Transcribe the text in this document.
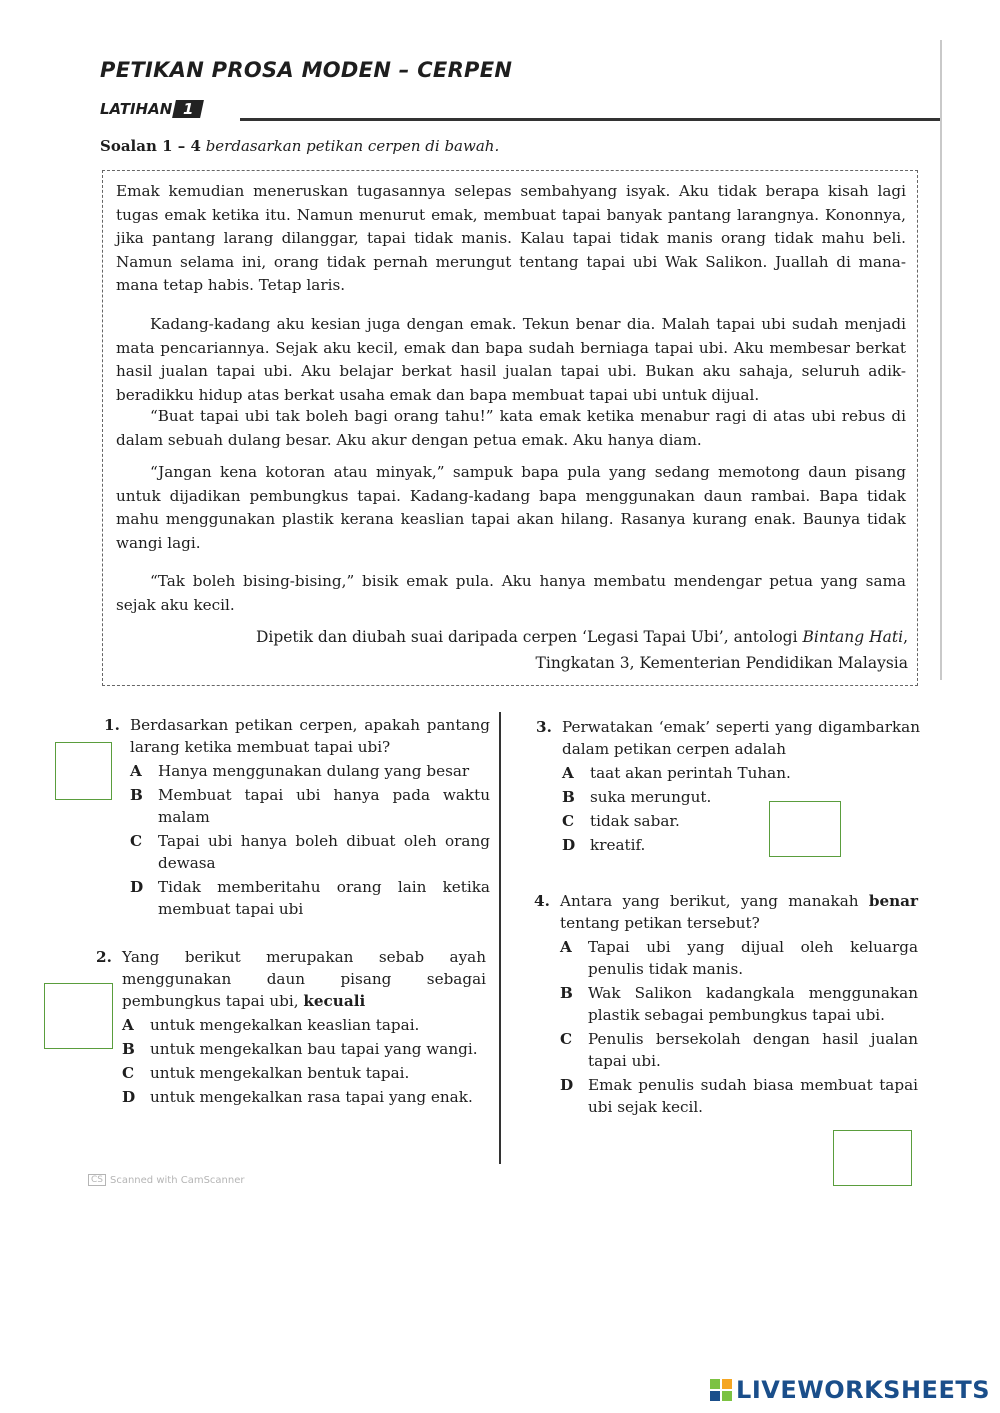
PETIKAN PROSA MODEN – CERPEN
LATIHAN 1
Soalan 1 – 4 berdasarkan petikan cerpen di bawah.

Emak kemudian meneruskan tugasannya selepas sembahyang isyak. Aku tidak berapa kisah lagi tugas emak ketika itu. Namun menurut emak, membuat tapai banyak pantang larangnya. Kononnya, jika pantang larang dilanggar, tapai tidak manis. Kalau tapai tidak manis orang tidak mahu beli. Namun selama ini, orang tidak pernah merungut tentang tapai ubi Wak Salikon. Juallah di mana-mana tetap habis. Tetap laris.

Kadang-kadang aku kesian juga dengan emak. Tekun benar dia. Malah tapai ubi sudah menjadi mata pencariannya. Sejak aku kecil, emak dan bapa sudah berniaga tapai ubi. Aku membesar berkat hasil jualan tapai ubi. Aku belajar berkat hasil jualan tapai ubi. Bukan aku sahaja, seluruh adik-beradikku hidup atas berkat usaha emak dan bapa membuat tapai ubi untuk dijual.

“Buat tapai ubi tak boleh bagi orang tahu!” kata emak ketika menabur ragi di atas ubi rebus di dalam sebuah dulang besar. Aku akur dengan petua emak. Aku hanya diam.

“Jangan kena kotoran atau minyak,” sampuk bapa pula yang sedang memotong daun pisang untuk dijadikan pembungkus tapai. Kadang-kadang bapa menggunakan daun rambai. Bapa tidak mahu menggunakan plastik kerana keaslian tapai akan hilang. Rasanya kurang enak. Baunya tidak wangi lagi.

“Tak boleh bising-bising,” bisik emak pula. Aku hanya membatu mendengar petua yang sama sejak aku kecil.

Dipetik dan diubah suai daripada cerpen ‘Legasi Tapai Ubi’, antologi Bintang Hati,
Tingkatan 3, Kementerian Pendidikan Malaysia
1. Berdasarkan petikan cerpen, apakah pantang larang ketika membuat tapai ubi?
A	Hanya menggunakan dulang yang besar
B Membuat tapai ubi hanya pada waktu malam
C	Tapai ubi hanya boleh dibuat oleh orang dewasa
D Tidak memberitahu orang lain ketika membuat tapai ubi
2. Yang berikut merupakan sebab ayah menggunakan daun pisang sebagai pembungkus tapai ubi, kecuali
A	untuk mengekalkan keaslian tapai.
B untuk mengekalkan bau tapai yang wangi.
C	untuk mengekalkan bentuk tapai.
D untuk mengekalkan rasa tapai yang enak.
3. Perwatakan ‘emak’ seperti yang digambarkan dalam petikan cerpen adalah
A	taat akan perintah Tuhan.
B suka merungut.
C	tidak sabar.
D kreatif.
4. Antara yang berikut, yang manakah benar tentang petikan tersebut?
A	Tapai ubi yang dijual oleh keluarga penulis tidak manis.
B Wak Salikon kadangkala menggunakan plastik sebagai pembungkus tapai ubi.
C	Penulis bersekolah dengan hasil jualan tapai ubi.
D Emak penulis sudah biasa membuat tapai ubi sejak kecil.
CS Scanned with CamScanner
LIVEWORKSHEETS
